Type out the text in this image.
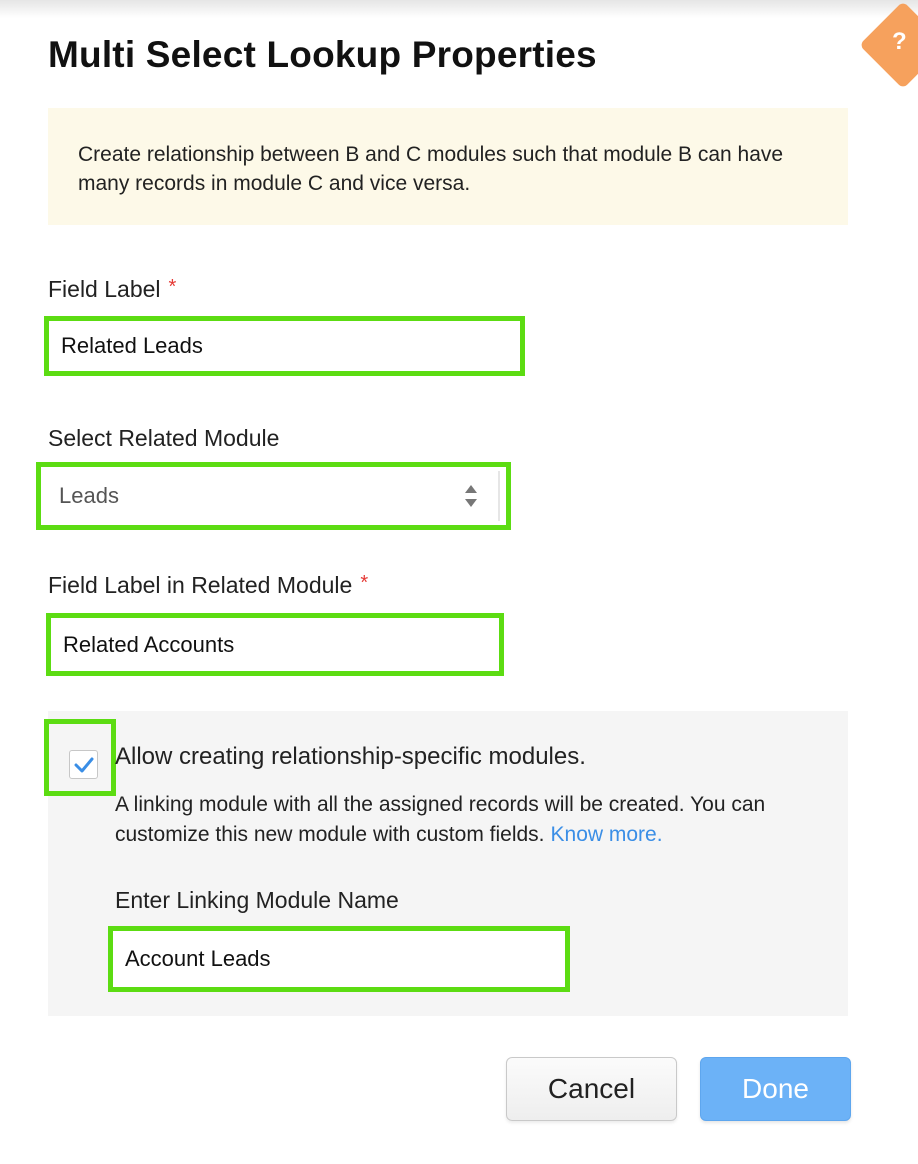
?
Multi Select Lookup Properties
Create relationship between B and C modules such that module B can have many records in module C and vice versa.
Field Label *
Related Leads
Select Related Module
Leads
Field Label in Related Module *
Related Accounts
Allow creating relationship-specific modules.
A linking module with all the assigned records will be created. You can customize this new module with custom fields. Know more.
Enter Linking Module Name
Account Leads
Cancel	Done
